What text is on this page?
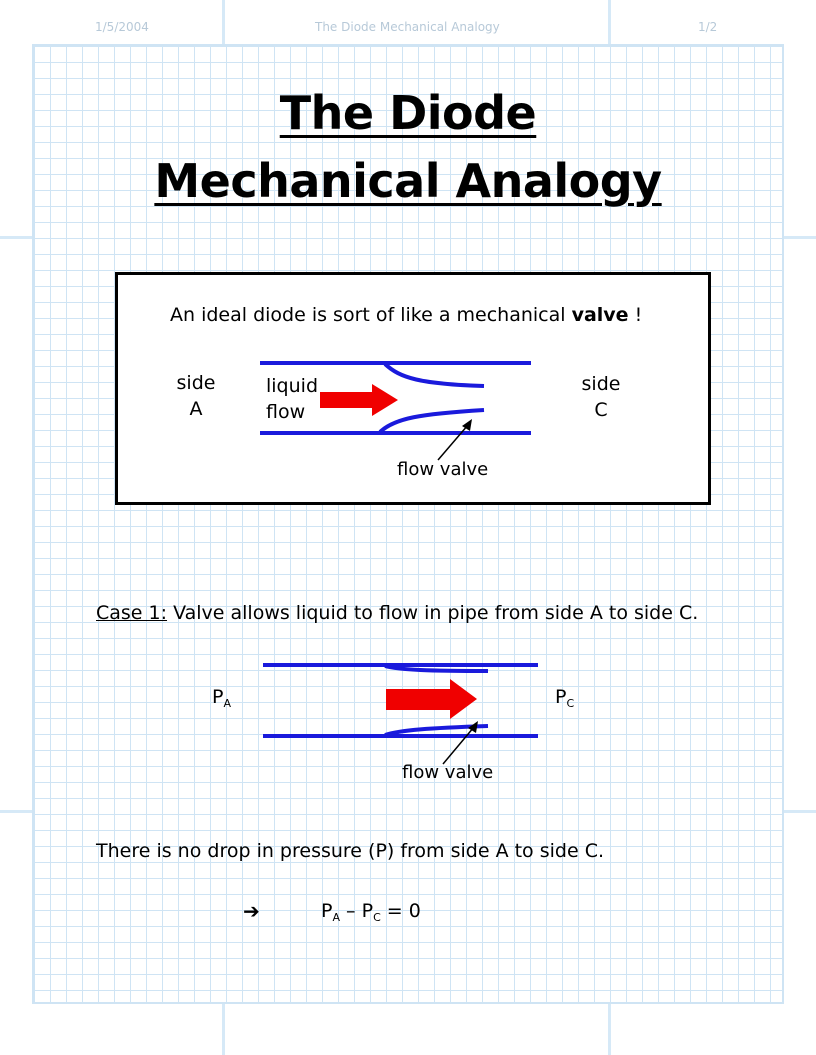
1/5/2004	The Diode Mechanical Analogy	1/2
The Diode
Mechanical Analogy
An ideal diode is sort of like a mechanical valve !
side
A
liquid
flow
side
C
flow valve
Case 1: Valve allows liquid to flow in pipe from side A to side C.
$P_A$	$P_C$
flow valve
There is no drop in pressure (P) from side A to side C.
➔	$P_A - P_C = 0$
